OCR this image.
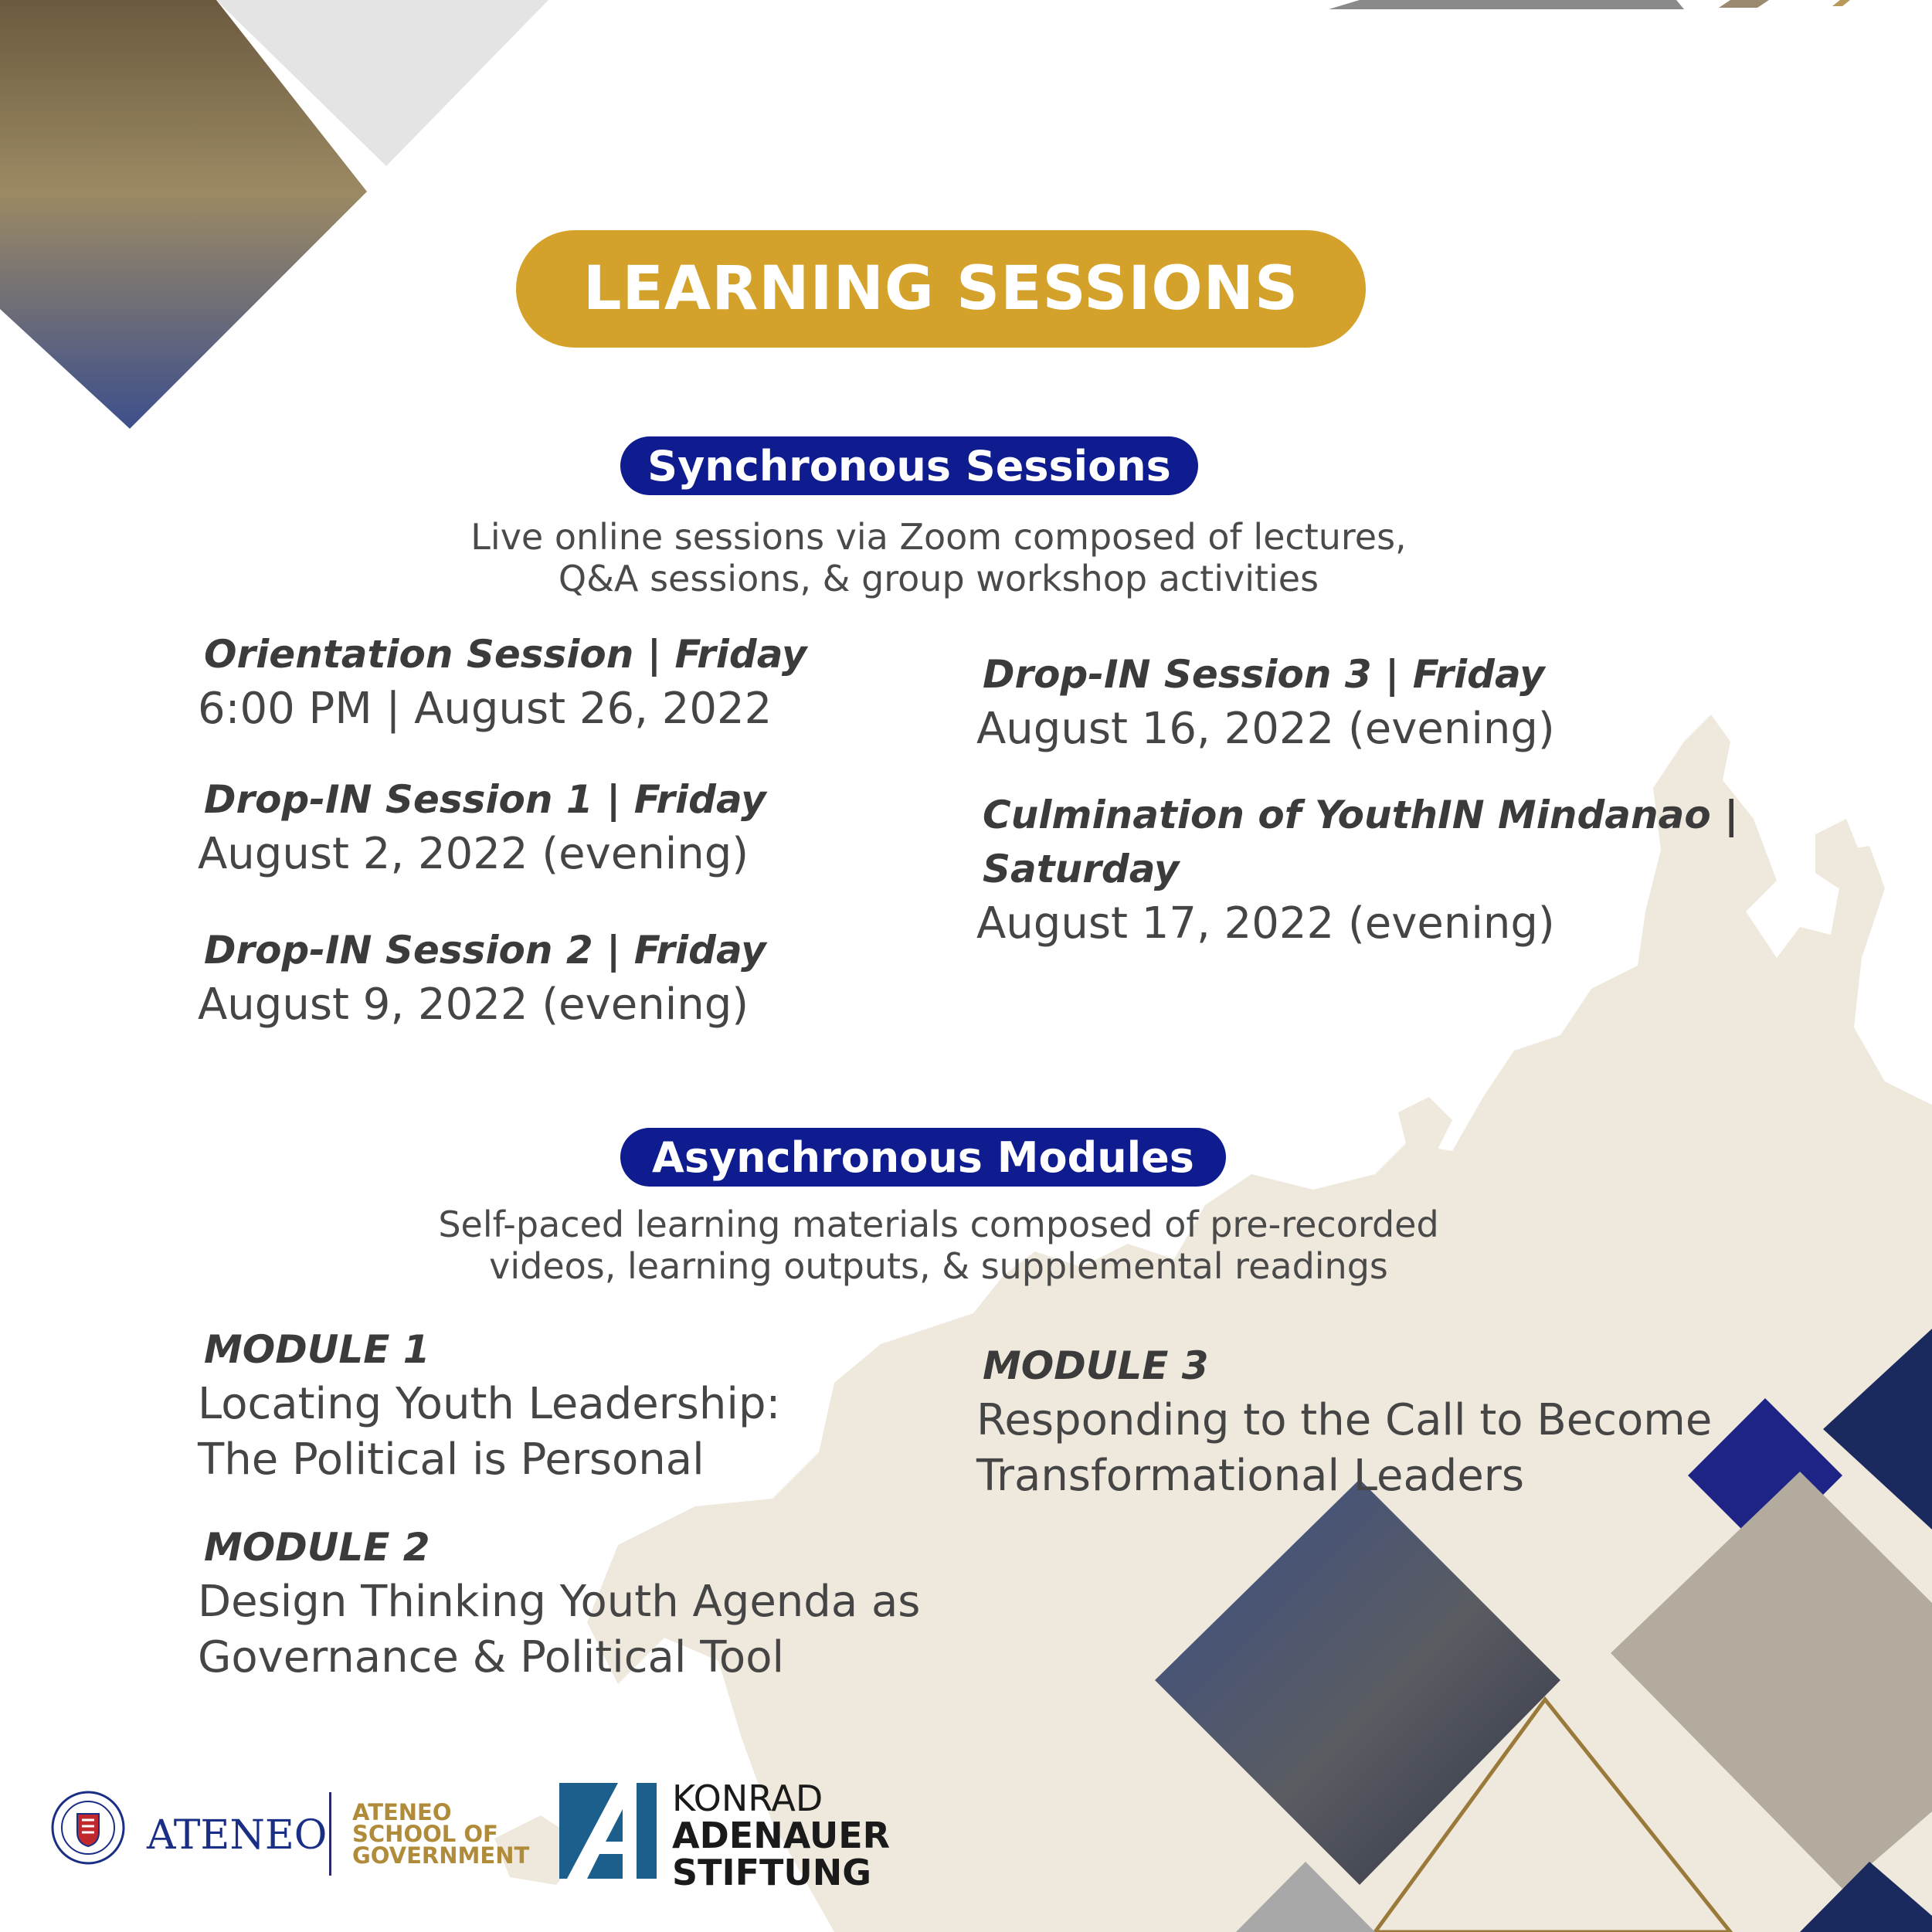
LEARNING SESSIONS
Synchronous Sessions
Live online sessions via Zoom composed of lectures,
Q&A sessions, & group workshop activities
Orientation Session | Friday
6:00 PM | August 26, 2022
Drop-IN Session 1 | Friday
August 2, 2022 (evening)
Drop-IN Session 2 | Friday
August 9, 2022 (evening)
Drop-IN Session 3 | Friday
August 16, 2022 (evening)
Culmination of YouthIN Mindanao |
Saturday
August 17, 2022 (evening)
Asynchronous Modules
Self-paced learning materials composed of pre-recorded
videos, learning outputs, & supplemental readings
MODULE 1
Locating Youth Leadership:
The Political is Personal
MODULE 2
Design Thinking Youth Agenda as
Governance & Political Tool
MODULE 3
Responding to the Call to Become
Transformational Leaders
ATENEO ATENEO
SCHOOL OF
GOVERNMENT
KONRAD
ADENAUER
STIFTUNG
